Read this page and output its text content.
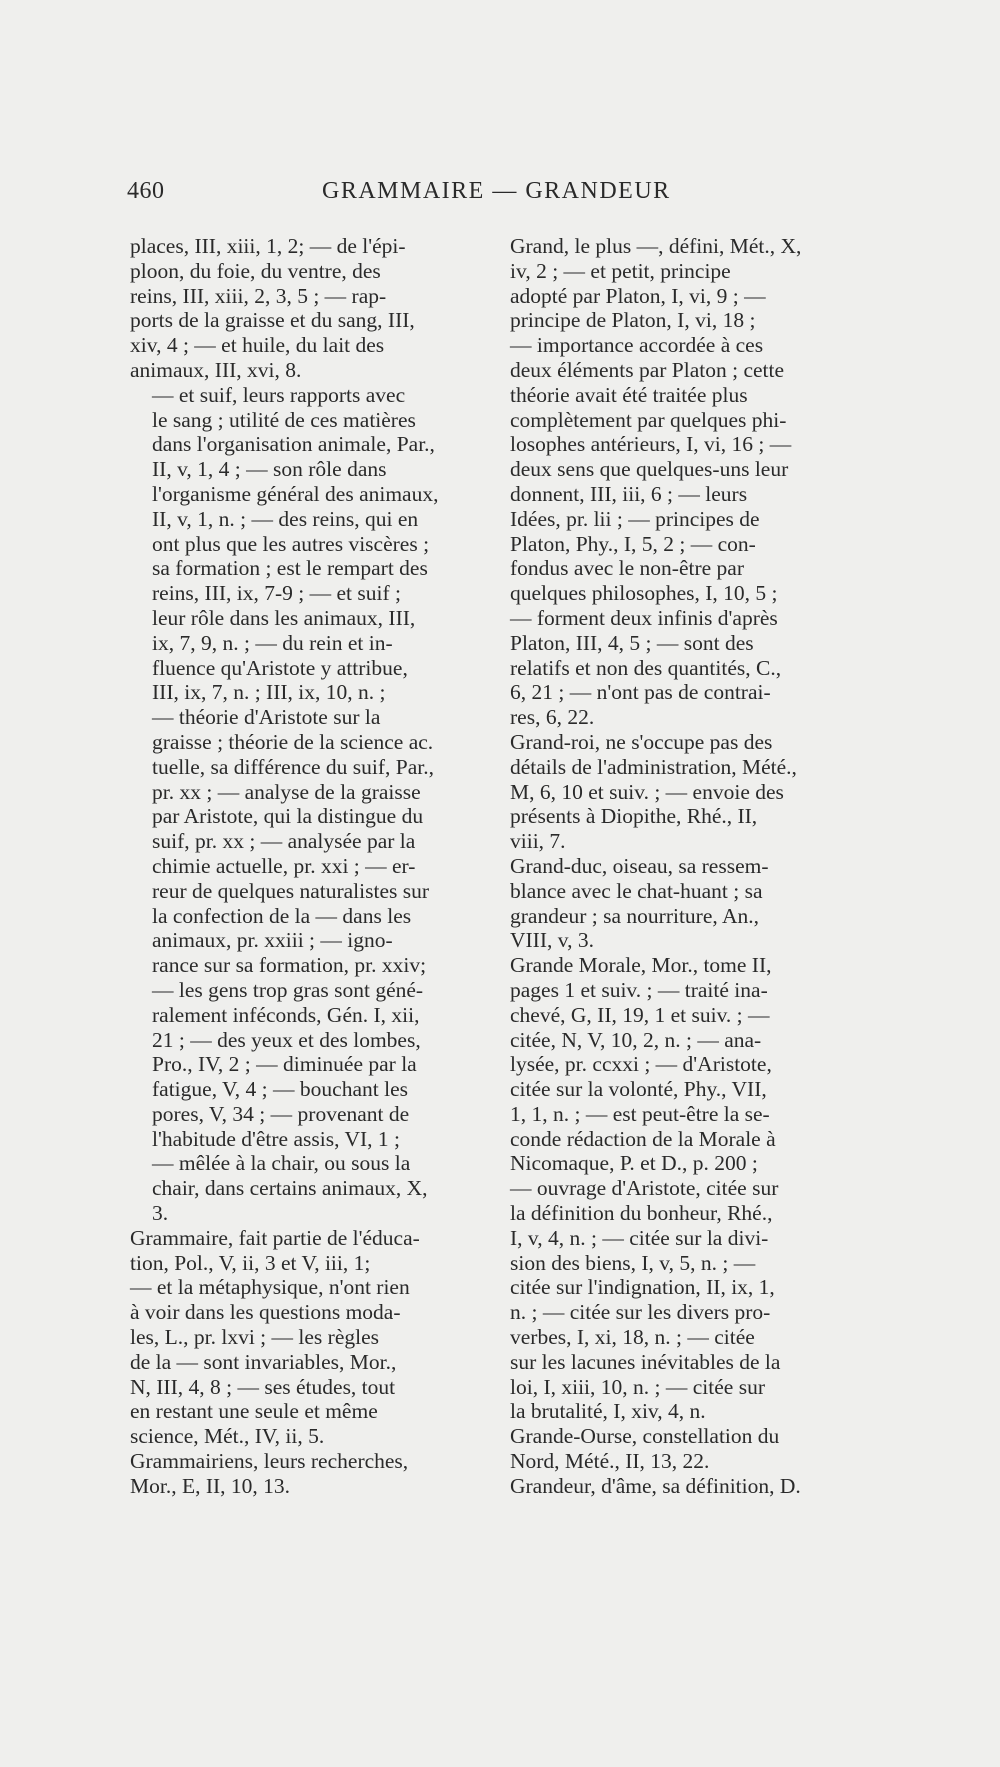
460	GRAMMAIRE — GRANDEUR

places, III, xiii, 1, 2; — de l'épi-
ploon, du foie, du ventre, des
reins, III, xiii, 2, 3, 5 ; — rap-
ports de la graisse et du sang, III,
xiv, 4 ; — et huile, du lait des
animaux, III, xvi, 8.

— et suif, leurs rapports avec
le sang ; utilité de ces matières
dans l'organisation animale, Par.,
II, v, 1, 4 ; — son rôle dans
l'organisme général des animaux,
II, v, 1, n. ; — des reins, qui en
ont plus que les autres viscères ;
sa formation ; est le rempart des
reins, III, ix, 7-9 ; — et suif ;
leur rôle dans les animaux, III,
ix, 7, 9, n. ; — du rein et in-
fluence qu'Aristote y attribue,
III, ix, 7, n. ; III, ix, 10, n. ;
— théorie d'Aristote sur la
graisse ; théorie de la science ac.
tuelle, sa différence du suif, Par.,
pr. xx ; — analyse de la graisse
par Aristote, qui la distingue du
suif, pr. xx ; — analysée par la
chimie actuelle, pr. xxi ; — er-
reur de quelques naturalistes sur
la confection de la — dans les
animaux, pr. xxiii ; — igno-
rance sur sa formation, pr. xxiv;

— les gens trop gras sont géné-
ralement inféconds, Gén. I, xii,
21 ; — des yeux et des lombes,
Pro., IV, 2 ; — diminuée par la
fatigue, V, 4 ; — bouchant les
pores, V, 34 ; — provenant de
l'habitude d'être assis, VI, 1 ;
— mêlée à la chair, ou sous la
chair, dans certains animaux, X,
3.

Grammaire, fait partie de l'éduca-
tion, Pol., V, ii, 3 et V, iii, 1;
— et la métaphysique, n'ont rien
à voir dans les questions moda-
les, L., pr. lxvi ; — les règles
de la — sont invariables, Mor.,
N, III, 4, 8 ; — ses études, tout
en restant une seule et même
science, Mét., IV, ii, 5.

Grammairiens, leurs recherches,
Mor., E, II, 10, 13.

Grand, le plus —, défini, Mét., X,
iv, 2 ; — et petit, principe
adopté par Platon, I, vi, 9 ; —
principe de Platon, I, vi, 18 ;
— importance accordée à ces
deux éléments par Platon ; cette
théorie avait été traitée plus
complètement par quelques phi-
losophes antérieurs, I, vi, 16 ; —
deux sens que quelques-uns leur
donnent, III, iii, 6 ; — leurs
Idées, pr. lii ; — principes de
Platon, Phy., I, 5, 2 ; — con-
fondus avec le non-être par
quelques philosophes, I, 10, 5 ;
— forment deux infinis d'après
Platon, III, 4, 5 ; — sont des
relatifs et non des quantités, C.,
6, 21 ; — n'ont pas de contrai-
res, 6, 22.

Grand-roi, ne s'occupe pas des
détails de l'administration, Mété.,
M, 6, 10 et suiv. ; — envoie des
présents à Diopithe, Rhé., II,
viii, 7.

Grand-duc, oiseau, sa ressem-
blance avec le chat-huant ; sa
grandeur ; sa nourriture, An.,
VIII, v, 3.

Grande Morale, Mor., tome II,
pages 1 et suiv. ; — traité ina-
chevé, G, II, 19, 1 et suiv. ; —
citée, N, V, 10, 2, n. ; — ana-
lysée, pr. ccxxi ; — d'Aristote,
citée sur la volonté, Phy., VII,
1, 1, n. ; — est peut-être la se-
conde rédaction de la Morale à
Nicomaque, P. et D., p. 200 ;
— ouvrage d'Aristote, citée sur
la définition du bonheur, Rhé.,
I, v, 4, n. ; — citée sur la divi-
sion des biens, I, v, 5, n. ; —
citée sur l'indignation, II, ix, 1,
n. ; — citée sur les divers pro-
verbes, I, xi, 18, n. ; — citée
sur les lacunes inévitables de la
loi, I, xiii, 10, n. ; — citée sur
la brutalité, I, xiv, 4, n.

Grande-Ourse, constellation du
Nord, Mété., II, 13, 22.

Grandeur, d'âme, sa définition, D.
